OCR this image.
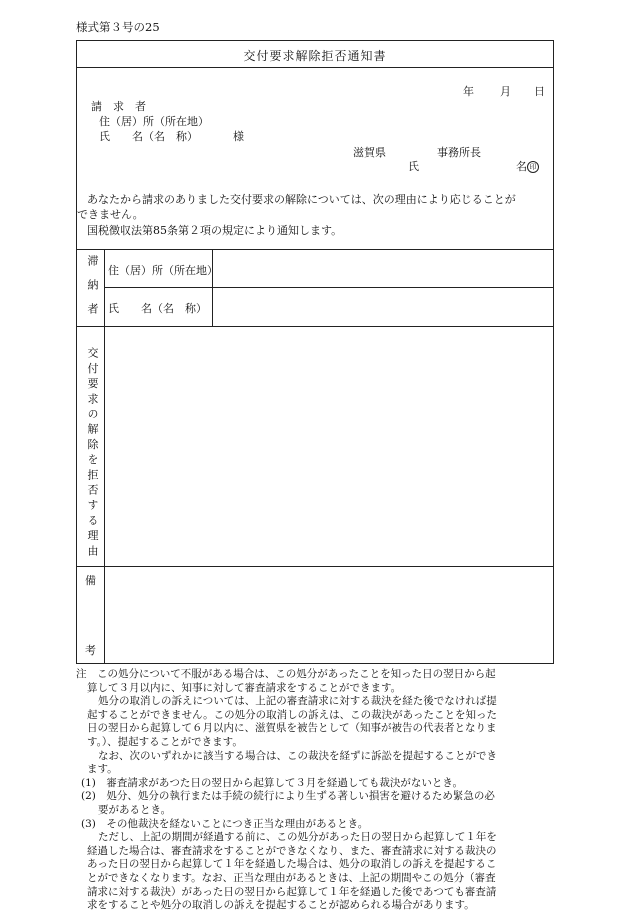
様式第３号の25
交付要求解除拒否通知書
年 月 日
請　求　者
住（居）所（所在地）
氏　　名（名　称）	様
滋賀県	事務所長
氏	名 印
あなたから請求のありました交付要求の解除については、次の理由により応じることが
できません。
国税徴収法第85条第２項の規定により通知します。
滞納者 住（居）所（所在地）
氏　　名（名　称）
交付要求の解除を拒否する理由
備
考

注　この処分について不服がある場合は、この処分があったことを知った日の翌日から起

算して３月以内に、知事に対して審査請求をすることができます。

処分の取消しの訴えについては、上記の審査請求に対する裁決を経た後でなければ提

起することができません。この処分の取消しの訴えは、この裁決があったことを知った

日の翌日から起算して６月以内に、滋賀県を被告として（知事が被告の代表者となりま

す。）、提起することができます。

なお、次のいずれかに該当する場合は、この裁決を経ずに訴訟を提起することができ

ます。

(1)　審査請求があつた日の翌日から起算して３月を経過しても裁決がないとき。

(2)　処分、処分の執行または手続の続行により生ずる著しい損害を避けるため緊急の必

要があるとき。

(3)　その他裁決を経ないことにつき正当な理由があるとき。

ただし、上記の期間が経過する前に、この処分があった日の翌日から起算して１年を

経過した場合は、審査請求をすることができなくなり、また、審査請求に対する裁決の

あった日の翌日から起算して１年を経過した場合は、処分の取消しの訴えを提起するこ

とができなくなります。なお、正当な理由があるときは、上記の期間やこの処分（審査

請求に対する裁決）があった日の翌日から起算して１年を経過した後であつても審査請

求をすることや処分の取消しの訴えを提起することが認められる場合があります。
